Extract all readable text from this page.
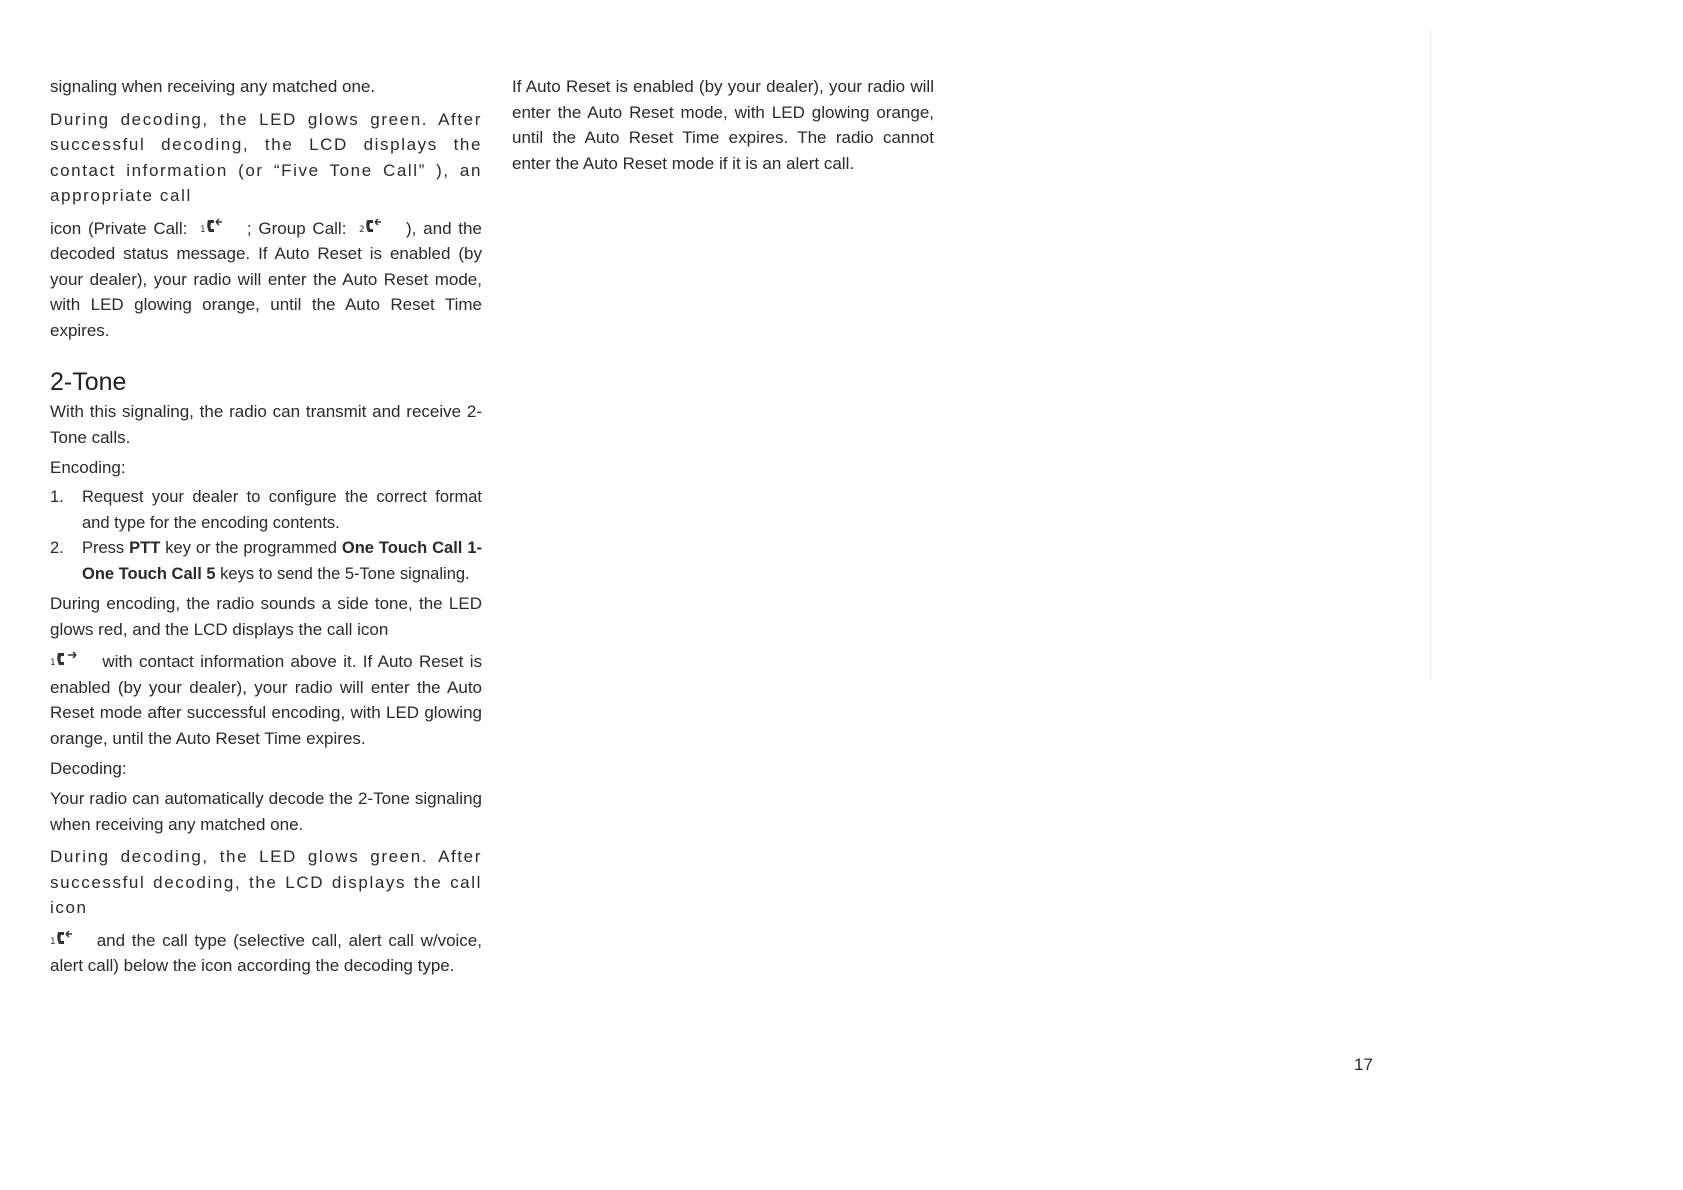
signaling when receiving any matched one.

During decoding, the LED glows green. After successful decoding, the LCD displays the contact information (or “Five Tone Call” ), an appropriate call

icon (Private Call: 1 ; Group Call: 2 ), and the decoded status message. If Auto Reset is enabled (by your dealer), your radio will enter the Auto Reset mode, with LED glowing orange, until the Auto Reset Time expires.

2-Tone

With this signaling, the radio can transmit and receive 2-Tone calls.

Encoding:
1.	Request your dealer to configure the correct format and type for the encoding contents.
2.	Press PTT key or the programmed One Touch Call 1-One Touch Call 5 keys to send the 5-Tone signaling.

During encoding, the radio sounds a side tone, the LED glows red, and the LCD displays the call icon

1	with contact information above it. If Auto Reset is enabled (by your dealer), your radio will enter the Auto Reset mode after successful encoding, with LED glowing orange, until the Auto Reset Time expires.

Decoding:

Your radio can automatically decode the 2-Tone signaling when receiving any matched one.

During decoding, the LED glows green. After successful decoding, the LCD displays the call icon

1 and the call type (selective call, alert call w/voice, alert call) below the icon according the decoding type.

If Auto Reset is enabled (by your dealer), your radio will enter the Auto Reset mode, with LED glowing orange, until the Auto Reset Time expires. The radio cannot enter the Auto Reset mode if it is an alert call.

17
